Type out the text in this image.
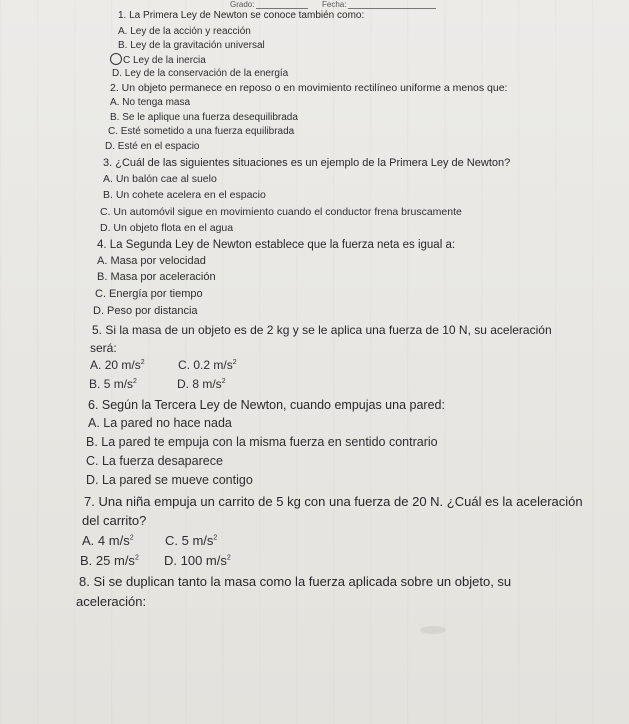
Grado:	Fecha:
1. La Primera Ley de Newton se conoce también como:
A. Ley de la acción y reacción
B. Ley de la gravitación universal
C Ley de la inercia
D. Ley de la conservación de la energía
2. Un objeto permanece en reposo o en movimiento rectilíneo uniforme a menos que:
A. No tenga masa
B. Se le aplique una fuerza desequilibrada
C. Esté sometido a una fuerza equilibrada
D. Esté en el espacio
3. ¿Cuál de las siguientes situaciones es un ejemplo de la Primera Ley de Newton?
A. Un balón cae al suelo
B. Un cohete acelera en el espacio
C. Un automóvil sigue en movimiento cuando el conductor frena bruscamente
D. Un objeto flota en el agua
4. La Segunda Ley de Newton establece que la fuerza neta es igual a:
A. Masa por velocidad
B. Masa por aceleración
C. Energía por tiempo
D. Peso por distancia
5. Si la masa de un objeto es de 2 kg y se le aplica una fuerza de 10 N, su aceleración
será:
A. 20 $m/s^2$	C. 0.2 $m/s^2$
B. 5 $m/s^2$	D. 8 $m/s^2$
6. Según la Tercera Ley de Newton, cuando empujas una pared:
A. La pared no hace nada
B. La pared te empuja con la misma fuerza en sentido contrario
C. La fuerza desaparece
D. La pared se mueve contigo
7. Una niña empuja un carrito de 5 kg con una fuerza de 20 N. ¿Cuál es la aceleración
del carrito?
A. 4 $m/s^2$ C. 5 $m/s^2$
B. 25 $m/s^2$ D. 100 $m/s^2$
8. Si se duplican tanto la masa como la fuerza aplicada sobre un objeto, su
aceleración:
